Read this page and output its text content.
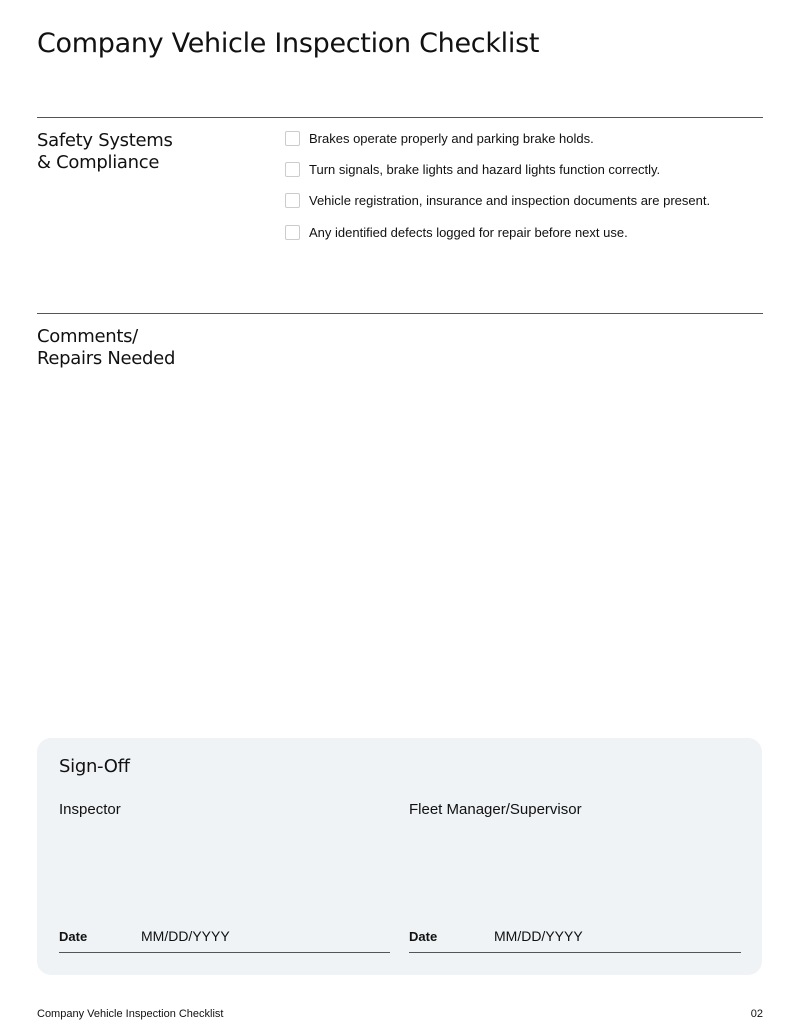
Company Vehicle Inspection Checklist
Safety Systems
& Compliance
Brakes operate properly and parking brake holds.
Turn signals, brake lights and hazard lights function correctly.
Vehicle registration, insurance and inspection documents are present.
Any identified defects logged for repair before next use.
Comments/
Repairs Needed
Sign-Off
Inspector	Fleet Manager/Supervisor
Date	MM/DD/YYYY	Date	MM/DD/YYYY
Company Vehicle Inspection Checklist	02
